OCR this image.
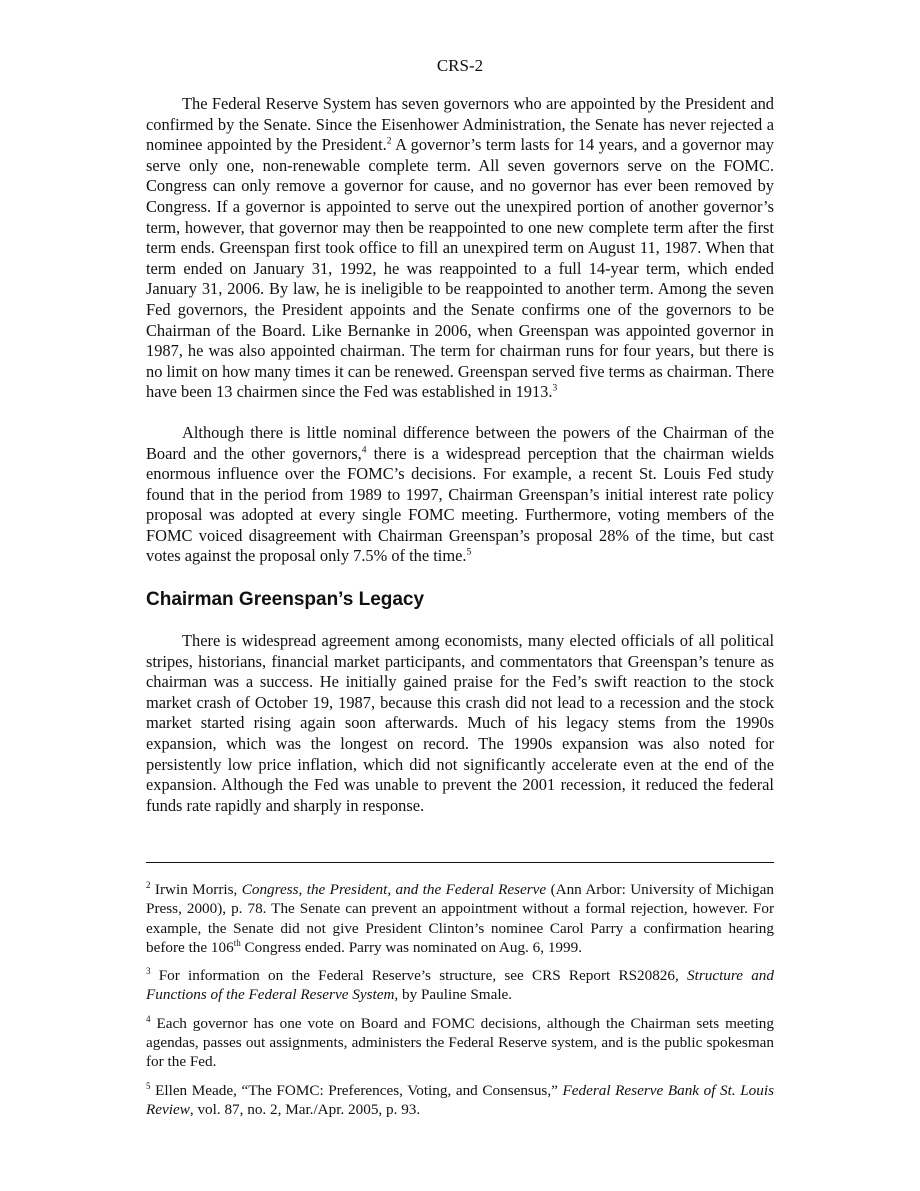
CRS-2

The Federal Reserve System has seven governors who are appointed by the President and confirmed by the Senate. Since the Eisenhower Administration, the Senate has never rejected a nominee appointed by the President.$^2$ A governor’s term lasts for 14 years, and a governor may serve only one, non-renewable complete term. All seven governors serve on the FOMC. Congress can only remove a governor for cause, and no governor has ever been removed by Congress. If a governor is appointed to serve out the unexpired portion of another governor’s term, however, that governor may then be reappointed to one new complete term after the first term ends. Greenspan first took office to fill an unexpired term on August 11, 1987. When that term ended on January 31, 1992, he was reappointed to a full 14-year term, which ended January 31, 2006. By law, he is ineligible to be reappointed to another term. Among the seven Fed governors, the President appoints and the Senate confirms one of the governors to be Chairman of the Board. Like Bernanke in 2006, when Greenspan was appointed governor in 1987, he was also appointed chairman. The term for chairman runs for four years, but there is no limit on how many times it can be renewed. Greenspan served five terms as chairman. There have been 13 chairmen since the Fed was established in 1913.$^3$

Although there is little nominal difference between the powers of the Chairman of the Board and the other governors,$^4$ there is a widespread perception that the chairman wields enormous influence over the FOMC’s decisions. For example, a recent St. Louis Fed study found that in the period from 1989 to 1997, Chairman Greenspan’s initial interest rate policy proposal was adopted at every single FOMC meeting. Furthermore, voting members of the FOMC voiced disagreement with Chairman Greenspan’s proposal 28% of the time, but cast votes against the proposal only 7.5% of the time.$^5$

Chairman Greenspan’s Legacy

There is widespread agreement among economists, many elected officials of all political stripes, historians, financial market participants, and commentators that Greenspan’s tenure as chairman was a success. He initially gained praise for the Fed’s swift reaction to the stock market crash of October 19, 1987, because this crash did not lead to a recession and the stock market started rising again soon afterwards. Much of his legacy stems from the 1990s expansion, which was the longest on record. The 1990s expansion was also noted for persistently low price inflation, which did not significantly accelerate even at the end of the expansion. Although the Fed was unable to prevent the 2001 recession, it reduced the federal funds rate rapidly and sharply in response.

$^2$ Irwin Morris, Congress, the President, and the Federal Reserve (Ann Arbor: University of Michigan Press, 2000), p. 78. The Senate can prevent an appointment without a formal rejection, however. For example, the Senate did not give President Clinton’s nominee Carol Parry a confirmation hearing before the 106th Congress ended. Parry was nominated on Aug. 6, 1999.

$^3$ For information on the Federal Reserve’s structure, see CRS Report RS20826, Structure and Functions of the Federal Reserve System, by Pauline Smale.

$^4$ Each governor has one vote on Board and FOMC decisions, although the Chairman sets meeting agendas, passes out assignments, administers the Federal Reserve system, and is the public spokesman for the Fed.

$^5$ Ellen Meade, “The FOMC: Preferences, Voting, and Consensus,” Federal Reserve Bank of St. Louis Review, vol. 87, no. 2, Mar./Apr. 2005, p. 93.
